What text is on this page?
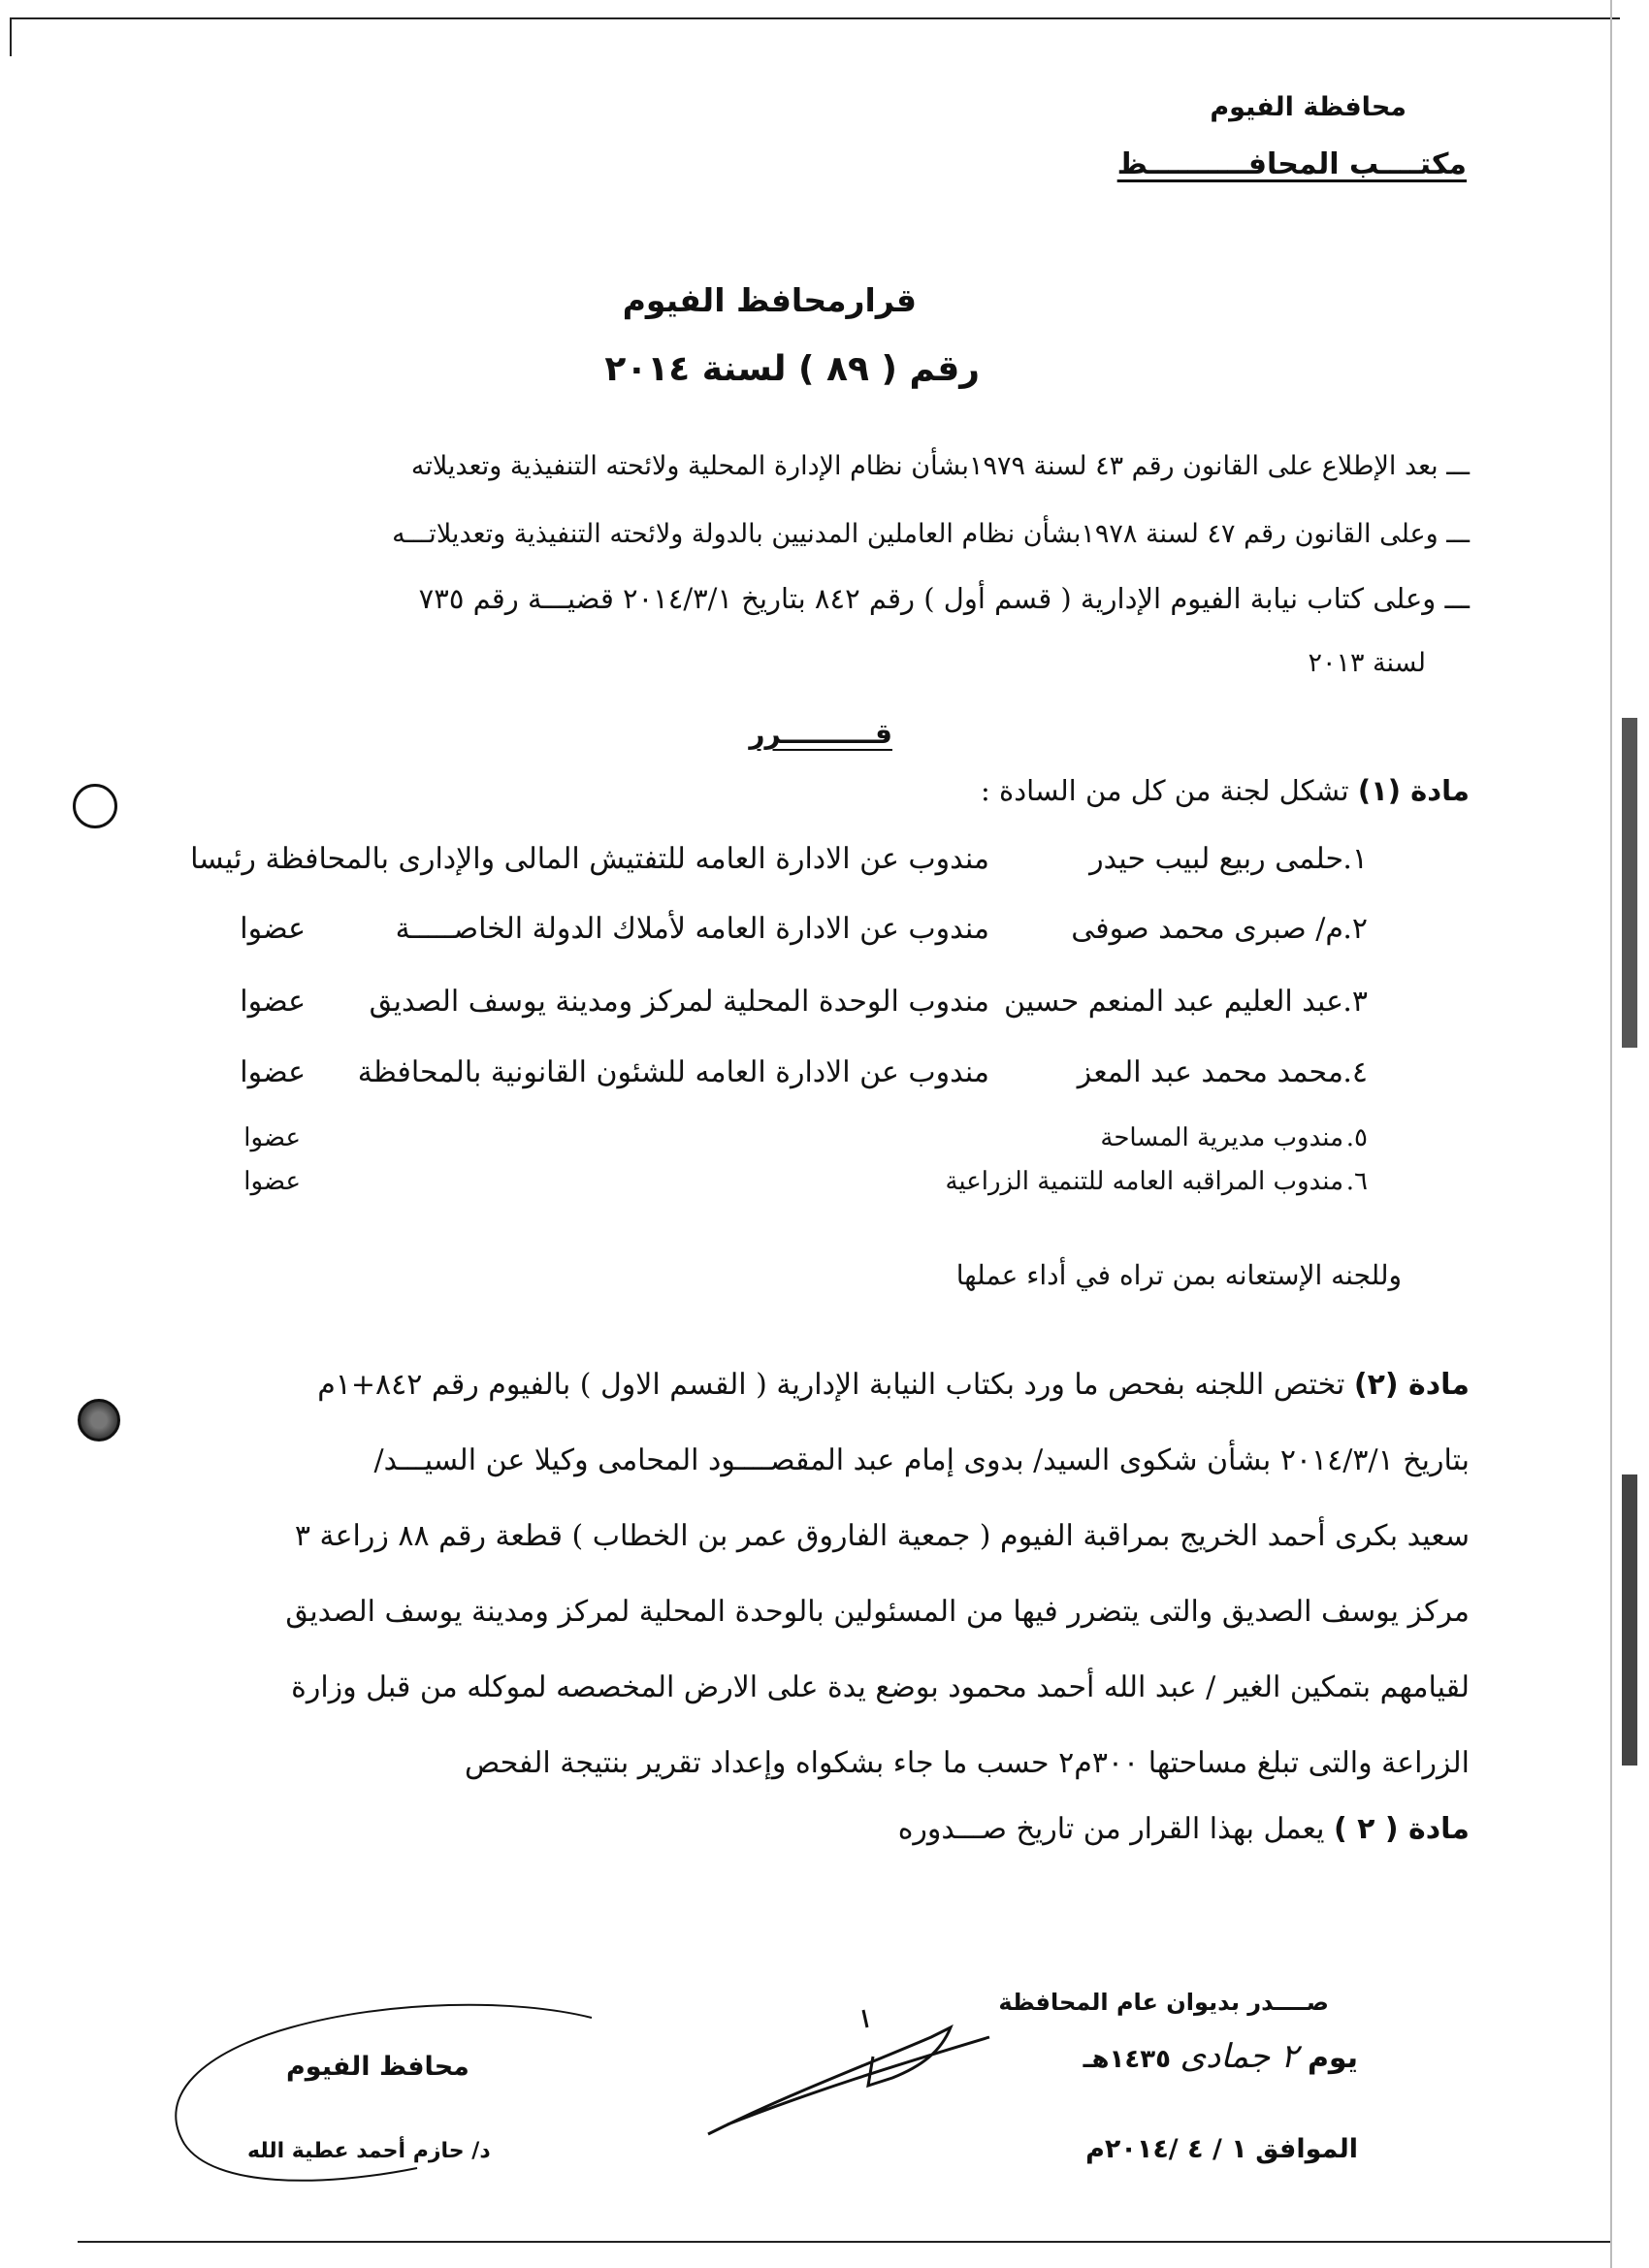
محافظة الفيوم
مكتــــب المحافــــــــــظ
قرارمحافظ الفيوم
رقم ( ٨٩ ) لسنة ٢٠١٤
ـــ بعد الإطلاع على القانون رقم ٤٣ لسنة ١٩٧٩بشأن نظام الإدارة المحلية ولائحته التنفيذية وتعديلاته
ـــ وعلى القانون رقم ٤٧ لسنة ١٩٧٨بشأن نظام العاملين المدنيين بالدولة ولائحته التنفيذية وتعديلاتـــه
ـــ وعلى كتاب نيابة الفيوم الإدارية ( قسم أول ) رقم ٨٤٢ بتاريخ ٢٠١٤/٣/١ قضيـــة رقم ٧٣٥
لسنة ٢٠١٣
قــــــــــرر
مادة (١) تشكل لجنة من كل من السادة :
١.
حلمى ربيع لبيب حيدر
مندوب عن الادارة العامه للتفتيش المالى والإدارى بالمحافظة رئيسا
٢.
م/ صبرى محمد صوفى
مندوب عن الادارة العامه لأملاك الدولة الخاصـــــة
عضوا
٣.
عبد العليم عبد المنعم حسين
مندوب الوحدة المحلية لمركز ومدينة يوسف الصديق
عضوا
٤.
محمد محمد عبد المعز
مندوب عن الادارة العامه للشئون القانونية بالمحافظة
عضوا
٥.
مندوب مديرية المساحة
عضوا
٦.
مندوب المراقبه العامه للتنمية الزراعية
عضوا
وللجنه الإستعانه بمن تراه في أداء عملها
مادة (٢) تختص اللجنه بفحص ما ورد بكتاب النيابة الإدارية ( القسم الاول ) بالفيوم رقم ٨٤٢+١م
بتاريخ ٢٠١٤/٣/١ بشأن شكوى السيد/ بدوى إمام عبد المقصــــود المحامى وكيلا عن السيـــد/
سعيد بكرى أحمد الخريج بمراقبة الفيوم ( جمعية الفاروق عمر بن الخطاب ) قطعة رقم ٨٨ زراعة ٣
مركز يوسف الصديق والتى يتضرر فيها من المسئولين بالوحدة المحلية لمركز ومدينة يوسف الصديق
لقيامهم بتمكين الغير / عبد الله أحمد محمود بوضع يدة على الارض المخصصه لموكله من قبل وزارة
الزراعة والتى تبلغ مساحتها ٣٠٠م٢ حسب ما جاء بشكواه وإعداد تقرير بنتيجة الفحص
مادة ( ٢ ) يعمل بهذا القرار من تاريخ صـــدوره
صــــدر بديوان عام المحافظة
يوم ٢ جمادى ١٤٣٥هـ
الموافق ١ / ٤ /٢٠١٤م
محافظ الفيوم
د/ حازم أحمد عطية الله
